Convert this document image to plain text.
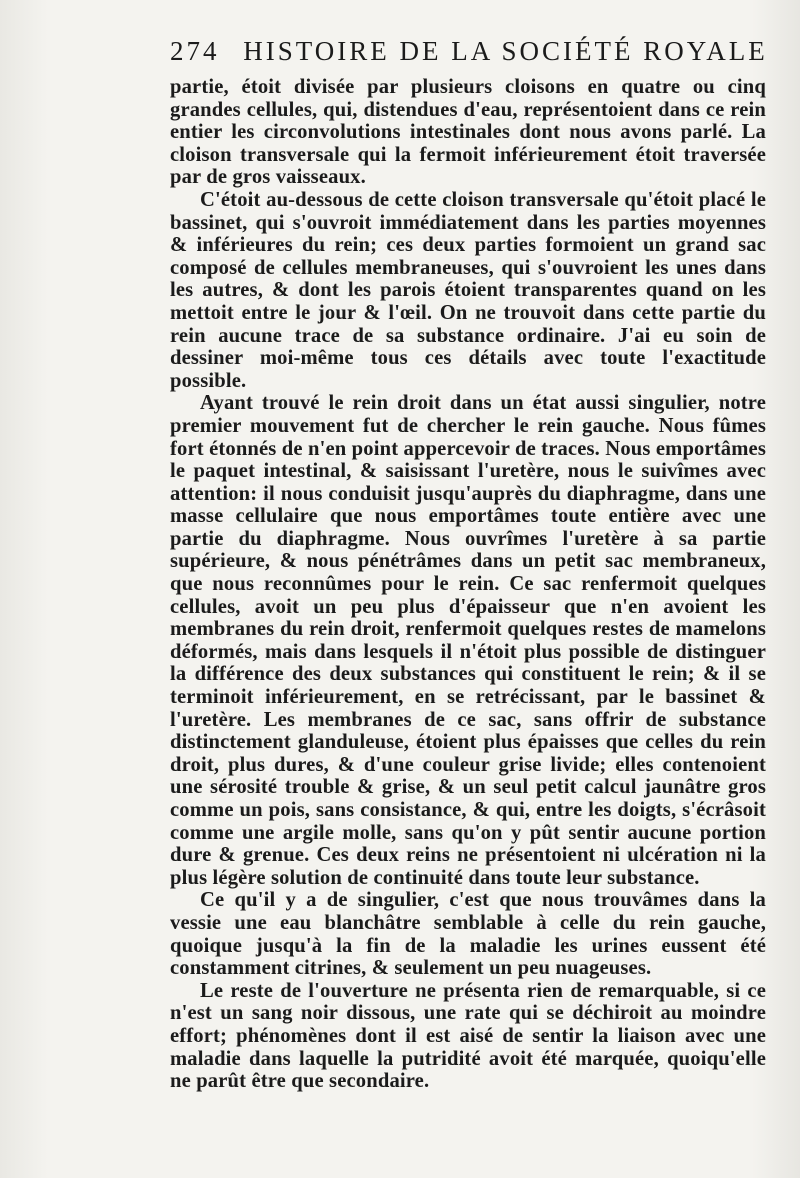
274 HISTOIRE DE LA SOCIÉTÉ ROYALE

partie, étoit divisée par plusieurs cloisons en quatre ou cinq grandes cellules, qui, distendues d'eau, représentoient dans ce rein entier les circonvolutions intestinales dont nous avons parlé. La cloison transversale qui la fermoit inférieurement étoit traversée par de gros vaisseaux.

C'étoit au-dessous de cette cloison transversale qu'étoit placé le bassinet, qui s'ouvroit immédiatement dans les parties moyennes & inférieures du rein; ces deux parties formoient un grand sac composé de cellules membraneuses, qui s'ouvroient les unes dans les autres, & dont les parois étoient transparentes quand on les mettoit entre le jour & l'œil. On ne trouvoit dans cette partie du rein aucune trace de sa substance ordinaire. J'ai eu soin de dessiner moi-même tous ces détails avec toute l'exactitude possible.

Ayant trouvé le rein droit dans un état aussi singulier, notre premier mouvement fut de chercher le rein gauche. Nous fûmes fort étonnés de n'en point appercevoir de traces. Nous emportâmes le paquet intestinal, & saisissant l'uretère, nous le suivîmes avec attention: il nous conduisit jusqu'auprès du diaphragme, dans une masse cellulaire que nous emportâmes toute entière avec une partie du diaphragme. Nous ouvrîmes l'uretère à sa partie supérieure, & nous pénétrâmes dans un petit sac membraneux, que nous reconnûmes pour le rein. Ce sac renfermoit quelques cellules, avoit un peu plus d'épaisseur que n'en avoient les membranes du rein droit, renfermoit quelques restes de mamelons déformés, mais dans lesquels il n'étoit plus possible de distinguer la différence des deux substances qui constituent le rein; & il se terminoit inférieurement, en se retrécissant, par le bassinet & l'uretère. Les membranes de ce sac, sans offrir de substance distinctement glanduleuse, étoient plus épaisses que celles du rein droit, plus dures, & d'une couleur grise livide; elles contenoient une sérosité trouble & grise, & un seul petit calcul jaunâtre gros comme un pois, sans consistance, & qui, entre les doigts, s'écrâsoit comme une argile molle, sans qu'on y pût sentir aucune portion dure & grenue. Ces deux reins ne présentoient ni ulcération ni la plus légère solution de continuité dans toute leur substance.

Ce qu'il y a de singulier, c'est que nous trouvâmes dans la vessie une eau blanchâtre semblable à celle du rein gauche, quoique jusqu'à la fin de la maladie les urines eussent été constamment citrines, & seulement un peu nuageuses.

Le reste de l'ouverture ne présenta rien de remarquable, si ce n'est un sang noir dissous, une rate qui se déchiroit au moindre effort; phénomènes dont il est aisé de sentir la liaison avec une maladie dans laquelle la putridité avoit été marquée, quoiqu'elle ne parût être que secondaire.
